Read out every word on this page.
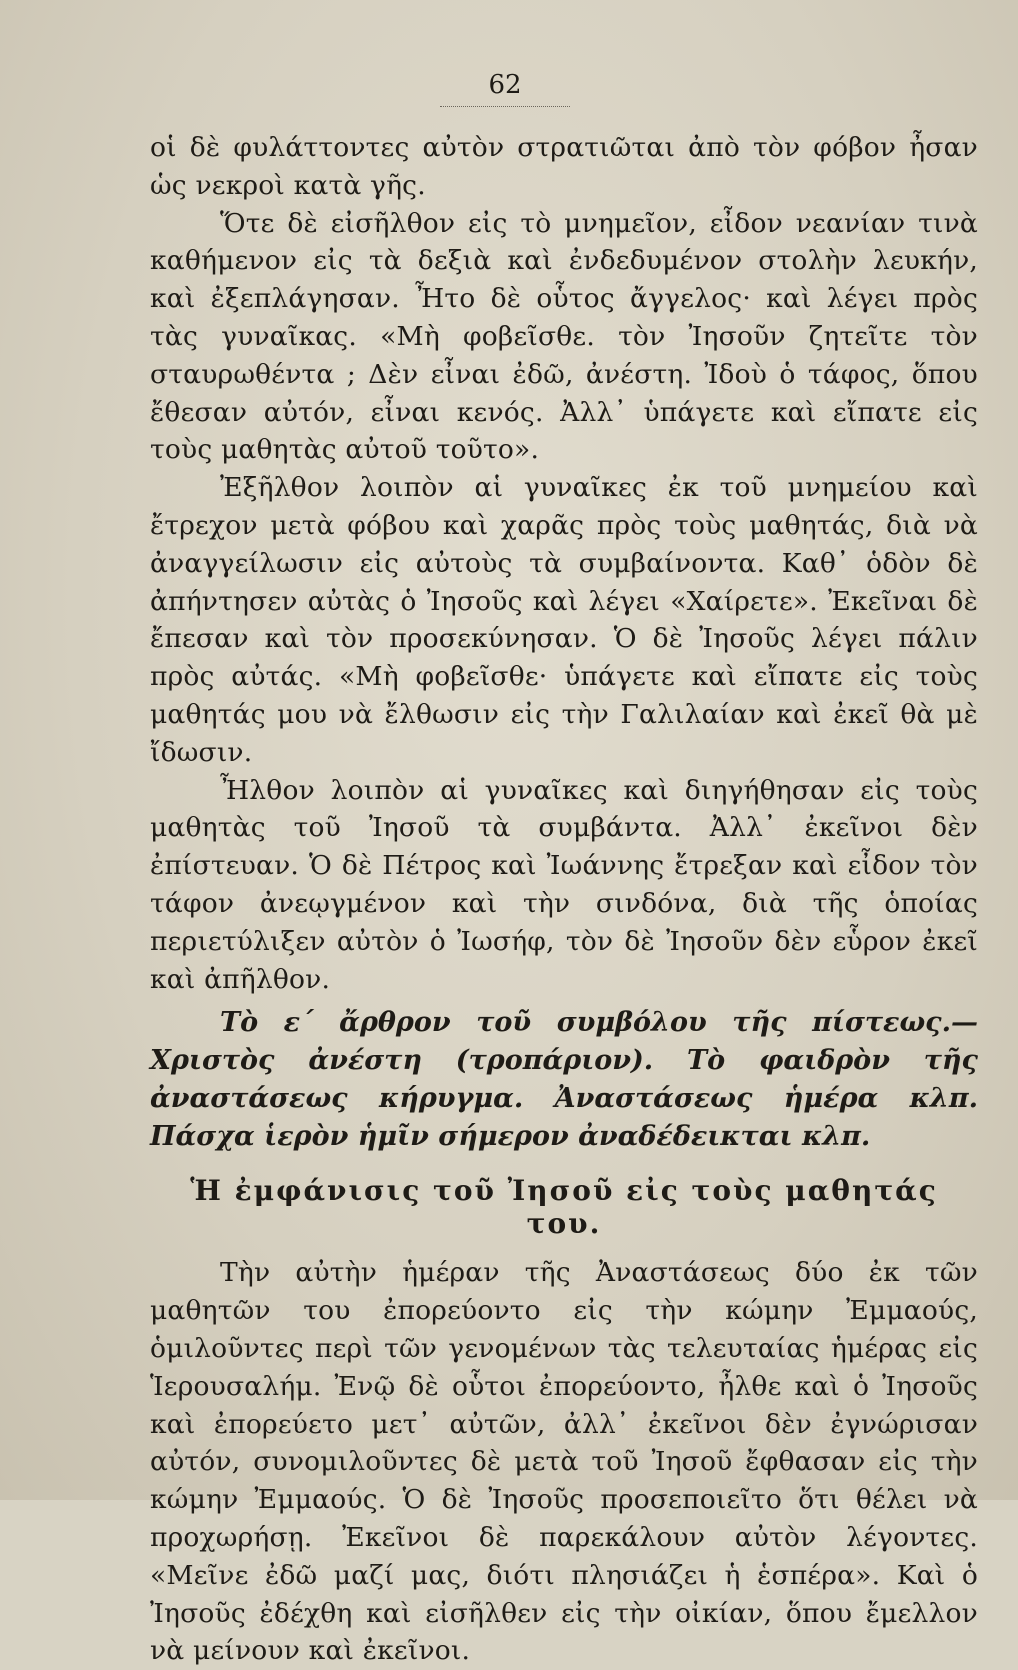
62

οἱ δὲ φυλάττοντες αὐτὸν στρατιῶται ἀπὸ τὸν φόβον ἦσαν ὡς νεκροὶ κατὰ γῆς.

Ὅτε δὲ εἰσῆλθον εἰς τὸ μνημεῖον, εἶδον νεανίαν τινὰ καθήμενον εἰς τὰ δεξιὰ καὶ ἐνδεδυμένον στολὴν λευκήν, καὶ ἐξεπλάγησαν. Ἦτο δὲ οὗτος ἄγγελος· καὶ λέγει πρὸς τὰς γυναῖκας. «Μὴ φοβεῖσθε. τὸν Ἰησοῦν ζητεῖτε τὸν σταυρωθέντα ; Δὲν εἶναι ἐδῶ, ἀνέστη. Ἰδοὺ ὁ τάφος, ὅπου ἔθεσαν αὐτόν, εἶναι κενός. Ἀλλ᾽ ὑπάγετε καὶ εἴπατε εἰς τοὺς μαθητὰς αὐτοῦ τοῦτο».

Ἐξῆλθον λοιπὸν αἱ γυναῖκες ἐκ τοῦ μνημείου καὶ ἔτρεχον μετὰ φόβου καὶ χαρᾶς πρὸς τοὺς μαθητάς, διὰ νὰ ἀναγγείλωσιν εἰς αὐτοὺς τὰ συμβαίνοντα. Καθ᾽ ὁδὸν δὲ ἀπήντησεν αὐτὰς ὁ Ἰησοῦς καὶ λέγει «Χαίρετε». Ἐκεῖναι δὲ ἔπεσαν καὶ τὸν προσεκύνησαν. Ὁ δὲ Ἰησοῦς λέγει πάλιν πρὸς αὐτάς. «Μὴ φοβεῖσθε· ὑπάγετε καὶ εἴπατε εἰς τοὺς μαθητάς μου νὰ ἔλθωσιν εἰς τὴν Γαλιλαίαν καὶ ἐκεῖ θὰ μὲ ἴδωσιν.

Ἦλθον λοιπὸν αἱ γυναῖκες καὶ διηγήθησαν εἰς τοὺς μαθητὰς τοῦ Ἰησοῦ τὰ συμβάντα. Ἀλλ᾽ ἐκεῖνοι δὲν ἐπίστευαν. Ὁ δὲ Πέτρος καὶ Ἰωάννης ἔτρεξαν καὶ εἶδον τὸν τάφον ἀνεῳγμένον καὶ τὴν σινδόνα, διὰ τῆς ὁποίας περιετύλιξεν αὐτὸν ὁ Ἰωσήφ, τὸν δὲ Ἰησοῦν δὲν εὗρον ἐκεῖ καὶ ἀπῆλθον.

Τὸ ε´ ἄρθρον τοῦ συμβόλου τῆς πίστεως.—Χριστὸς ἀνέστη (τροπάριον). Τὸ φαιδρὸν τῆς ἀναστάσεως κήρυγμα. Ἀναστάσεως ἡμέρα κλπ. Πάσχα ἱερὸν ἡμῖν σήμερον ἀναδέδεικται κλπ.
Ἡ ἐμφάνισις τοῦ Ἰησοῦ εἰς τοὺς μαθητάς του.

Τὴν αὐτὴν ἡμέραν τῆς Ἀναστάσεως δύο ἐκ τῶν μαθητῶν του ἐπορεύοντο εἰς τὴν κώμην Ἐμμαούς, ὁμιλοῦντες περὶ τῶν γενομένων τὰς τελευταίας ἡμέρας εἰς Ἱερουσαλήμ. Ἐνῷ δὲ οὗτοι ἐπορεύοντο, ἦλθε καὶ ὁ Ἰησοῦς καὶ ἐπορεύετο μετ᾽ αὐτῶν, ἀλλ᾽ ἐκεῖνοι δὲν ἐγνώρισαν αὐτόν, συνομιλοῦντες δὲ μετὰ τοῦ Ἰησοῦ ἔφθασαν εἰς τὴν κώμην Ἐμμαούς. Ὁ δὲ Ἰησοῦς προσεποιεῖτο ὅτι θέλει νὰ προχωρήσῃ. Ἐκεῖνοι δὲ παρεκάλουν αὐτὸν λέγοντες. «Μεῖνε ἐδῶ μαζί μας, διότι πλησιάζει ἡ ἑσπέρα». Καὶ ὁ Ἰησοῦς ἐδέχθη καὶ εἰσῆλθεν εἰς τὴν οἰκίαν, ὅπου ἔμελλον νὰ μείνουν καὶ ἐκεῖνοι.
